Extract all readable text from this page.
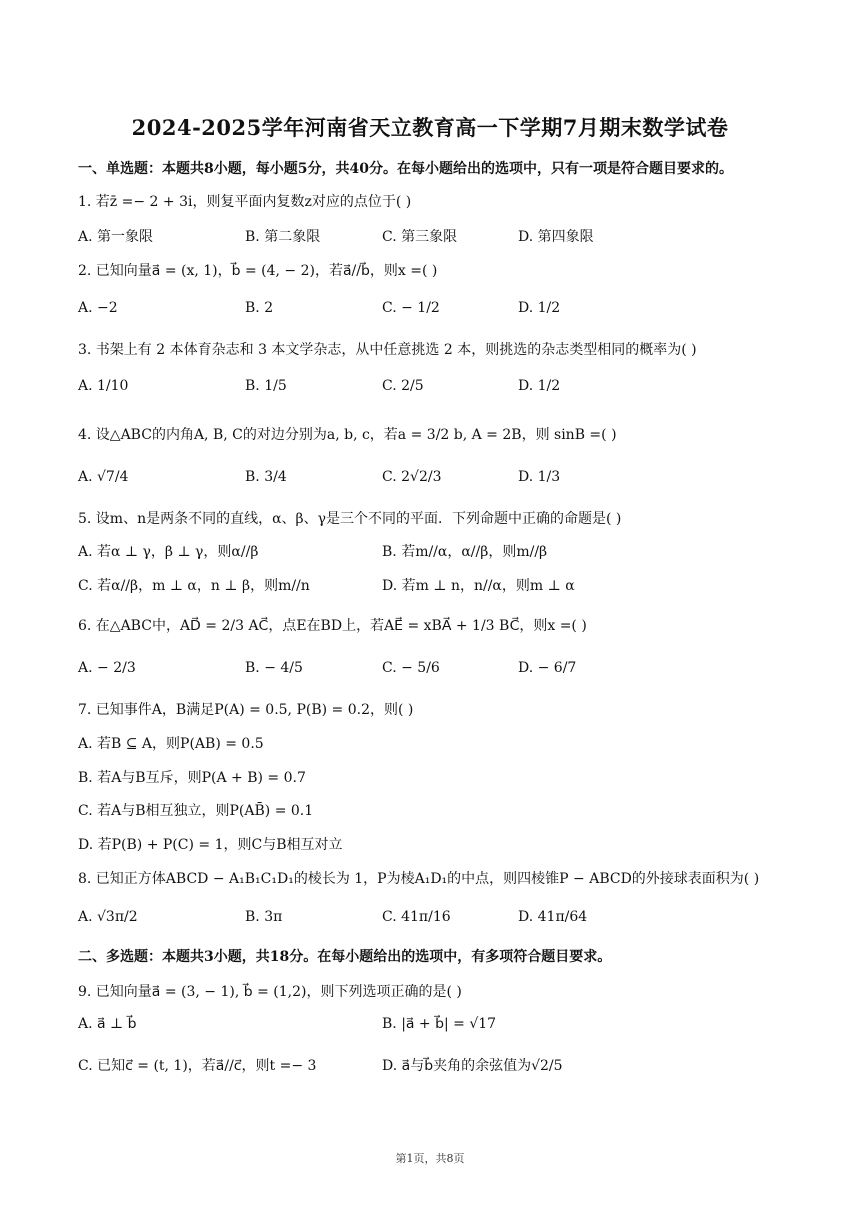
2024-2025学年河南省天立教育高一下学期7月期末数学试卷
一、单选题：本题共8小题，每小题5分，共40分。在每小题给出的选项中，只有一项是符合题目要求的。
1. 若z̄ =− 2 + 3i，则复平面内复数z对应的点位于( )
A. 第一象限	B. 第二象限	C. 第三象限	D. 第四象限
2. 已知向量a⃗ = (x, 1)，b⃗ = (4, − 2)，若a⃗//b⃗，则x =( )
A. −2	B. 2	C. − 1/2	D. 1/2
3. 书架上有 2 本体育杂志和 3 本文学杂志，从中任意挑选 2 本，则挑选的杂志类型相同的概率为( )
A. 1/10	B. 1/5	C. 2/5	D. 1/2
4. 设△ABC的内角A, B, C的对边分别为a, b, c，若a = 3/2 b, A = 2B，则 sinB =( )
A. √7/4	B. 3/4	C. 2√2/3	D. 1/3
5. 设m、n是两条不同的直线，α、β、γ是三个不同的平面．下列命题中正确的命题是( )
A. 若α ⊥ γ，β ⊥ γ，则α//β	B. 若m//α，α//β，则m//β
C. 若α//β，m ⊥ α，n ⊥ β，则m//n	D. 若m ⊥ n，n//α，则m ⊥ α
6. 在△ABC中，AD⃗ = 2/3 AC⃗，点E在BD上，若AE⃗ = xBA⃗ + 1/3 BC⃗，则x =( )
A. − 2/3	B. − 4/5	C. − 5/6	D. − 6/7
7. 已知事件A，B满足P(A) = 0.5, P(B) = 0.2，则( )
A. 若B ⊆ A，则P(AB) = 0.5
B. 若A与B互斥，则P(A + B) = 0.7
C. 若A与B相互独立，则P(AB̄) = 0.1
D. 若P(B) + P(C) = 1，则C与B相互对立
8. 已知正方体ABCD − A₁B₁C₁D₁的棱长为 1，P为棱A₁D₁的中点，则四棱锥P − ABCD的外接球表面积为( )
A. √3π/2	B. 3π	C. 41π/16	D. 41π/64
二、多选题：本题共3小题，共18分。在每小题给出的选项中，有多项符合题目要求。
9. 已知向量a⃗ = (3, − 1), b⃗ = (1,2)，则下列选项正确的是( )
A. a⃗ ⊥ b⃗	B. |a⃗ + b⃗| = √17
C. 已知c⃗ = (t, 1)，若a⃗//c⃗，则t =− 3	D. a⃗与b⃗夹角的余弦值为√2/5
第1页，共8页
